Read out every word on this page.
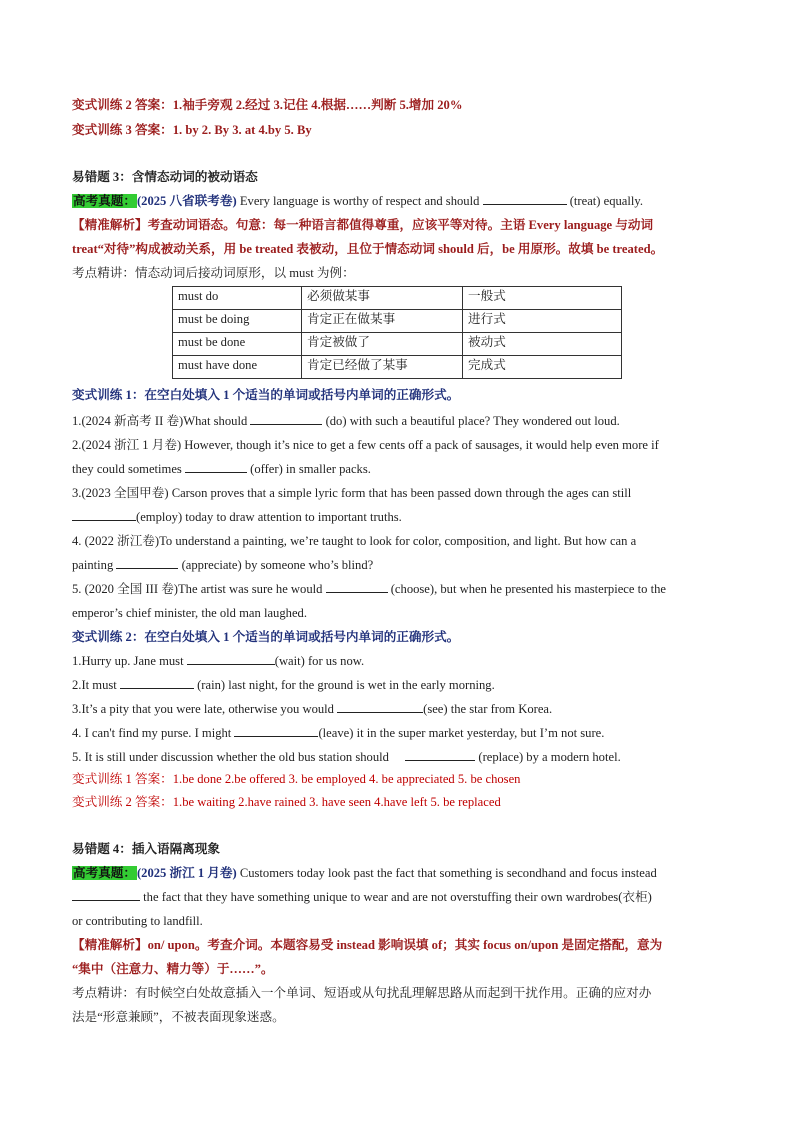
变式训练 2 答案：1.袖手旁观 2.经过 3.记住 4.根据……判断 5.增加 20%
变式训练 3 答案：1. by 2. By 3. at 4.by 5. By
易错题 3：含情态动词的被动语态
高考真题：(2025 八省联考卷) Every language is worthy of respect and should	(treat) equally.
【精准解析】考查动词语态。句意：每一种语言都值得尊重，应该平等对待。主语 Every language 与动词
treat“对待”构成被动关系，用 be treated 表被动，且位于情态动词 should 后，be 用原形。故填 be treated。
考点精讲：情态动词后接动词原形，以 must 为例：
must do	必须做某事	一般式
must be doing	肯定正在做某事	进行式
must be done	肯定被做了	被动式
must have done	肯定已经做了某事	完成式
变式训练 1：在空白处填入 1 个适当的单词或括号内单词的正确形式。
1.(2024 新高考 II 卷)What should	(do) with such a beautiful place? They wondered out loud.
2.(2024 浙江 1 月卷) However, though it’s nice to get a few cents off a pack of sausages, it would help even more if
they could sometimes	(offer) in smaller packs.
3.(2023 全国甲卷) Carson proves that a simple lyric form that has been passed down through the ages can still
(employ) today to draw attention to important truths.
4. (2022 浙江卷)To understand a painting, we’re taught to look for color, composition, and light. But how can a
painting	(appreciate) by someone who’s blind?
5. (2020 全国 III 卷)The artist was sure he would	(choose), but when he presented his masterpiece to the
emperor’s chief minister, the old man laughed.
变式训练 2：在空白处填入 1 个适当的单词或括号内单词的正确形式。
1.Hurry up. Jane must	(wait) for us now.
2.It must	(rain) last night, for the ground is wet in the early morning.
3.It’s a pity that you were late, otherwise you would	(see) the star from Korea.
4. I can't find my purse. I might	(leave) it in the super market yesterday, but I’m not sure.
5. It is still under discussion whether the old bus station should	(replace) by a modern hotel.
变式训练 1 答案：1.be done 2.be offered 3. be employed 4. be appreciated 5. be chosen
变式训练 2 答案：1.be waiting 2.have rained 3. have seen 4.have left 5. be replaced
易错题 4：插入语隔离现象
高考真题：(2025 浙江 1 月卷) Customers today look past the fact that something is secondhand and focus instead
the fact that they have something unique to wear and are not overstuffing their own wardrobes(衣柜)
or contributing to landfill.
【精准解析】on/ upon。考查介词。本题容易受 instead 影响误填 of；其实 focus on/upon 是固定搭配，意为
“集中（注意力、精力等）于……”。
考点精讲：有时候空白处故意插入一个单词、短语或从句扰乱理解思路从而起到干扰作用。正确的应对办
法是“形意兼顾”，不被表面现象迷惑。
